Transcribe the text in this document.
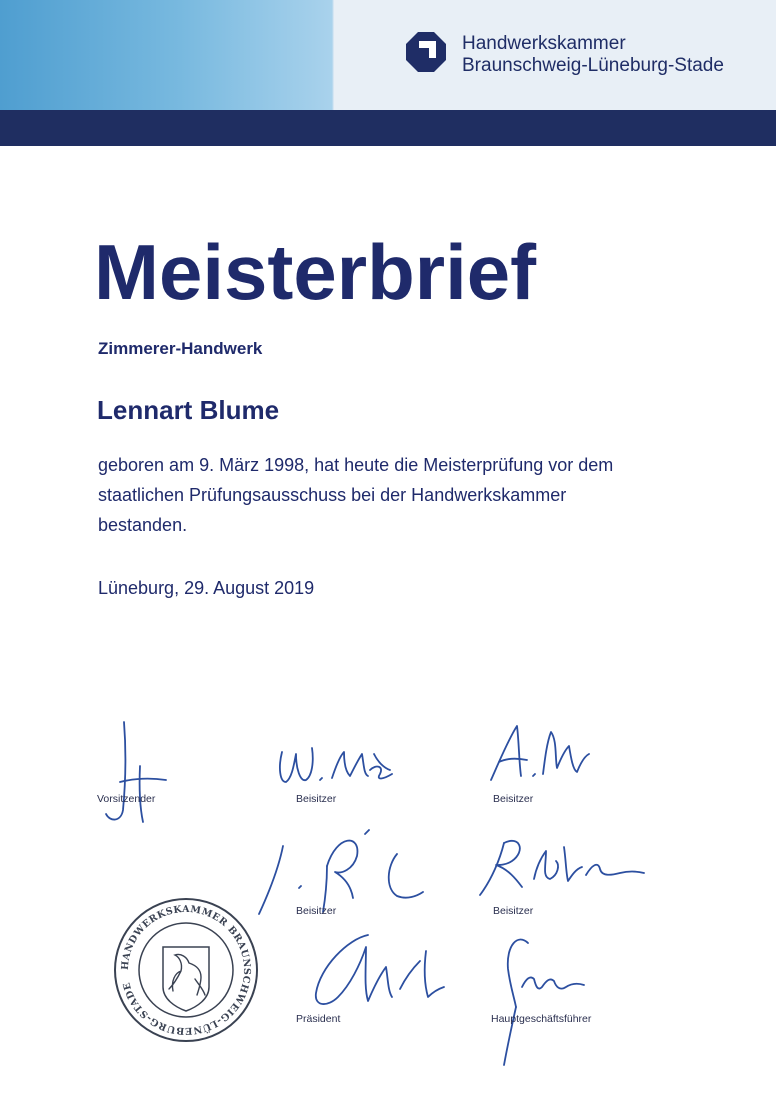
Handwerkskammer
Braunschweig-Lüneburg-Stade
Meisterbrief
Zimmerer-Handwerk
Lennart Blume
geboren am 9. März 1998, hat heute die Meisterprüfung vor dem
staatlichen Prüfungsausschuss bei der Handwerkskammer
bestanden.
Lüneburg, 29. August 2019
Vorsitzender	Beisitzer	Beisitzer
Beisitzer	Beisitzer
Präsident	Hauptgeschäftsführer
HANDWERKSKAMMER BRAUNSCHWEIG-LÜNEBURG-STADE
